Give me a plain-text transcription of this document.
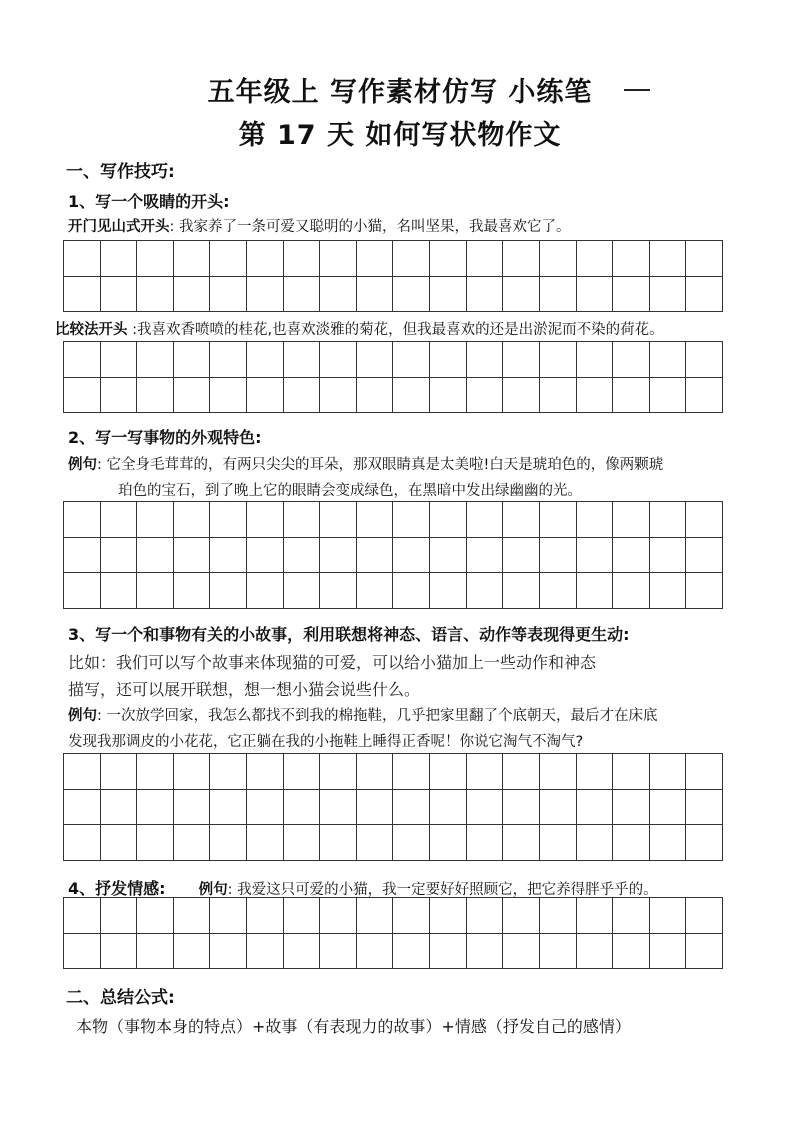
五年级上 写作素材仿写 小练笔
第 17 天 如何写状物作文
一、写作技巧:
1、写一个吸睛的开头:
开门见山式开头: 我家养了一条可爱又聪明的小猫，名叫坚果，我最喜欢它了。
比较法开头 :我喜欢香喷喷的桂花,也喜欢淡雅的菊花，但我最喜欢的还是出淤泥而不染的荷花。
2、写一写事物的外观特色:
例句: 它全身毛茸茸的，有两只尖尖的耳朵，那双眼睛真是太美啦!白天是琥珀色的，像两颗琥
珀色的宝石，到了晚上它的眼睛会变成绿色，在黑暗中发出绿幽幽的光。
3、写一个和事物有关的小故事，利用联想将神态、语言、动作等表现得更生动:
比如：我们可以写个故事来体现猫的可爱，可以给小猫加上一些动作和神态
描写，还可以展开联想，想一想小猫会说些什么。
例句: 一次放学回家，我怎么都找不到我的棉拖鞋，几乎把家里翻了个底朝天，最后才在床底
发现我那调皮的小花花，它正躺在我的小拖鞋上睡得正香呢！你说它淘气不淘气?
4、抒发情感: 例句: 我爱这只可爱的小猫，我一定要好好照顾它，把它养得胖乎乎的。
二、总结公式:
本物（事物本身的特点）+故事（有表现力的故事）+情感（抒发自己的感情）
